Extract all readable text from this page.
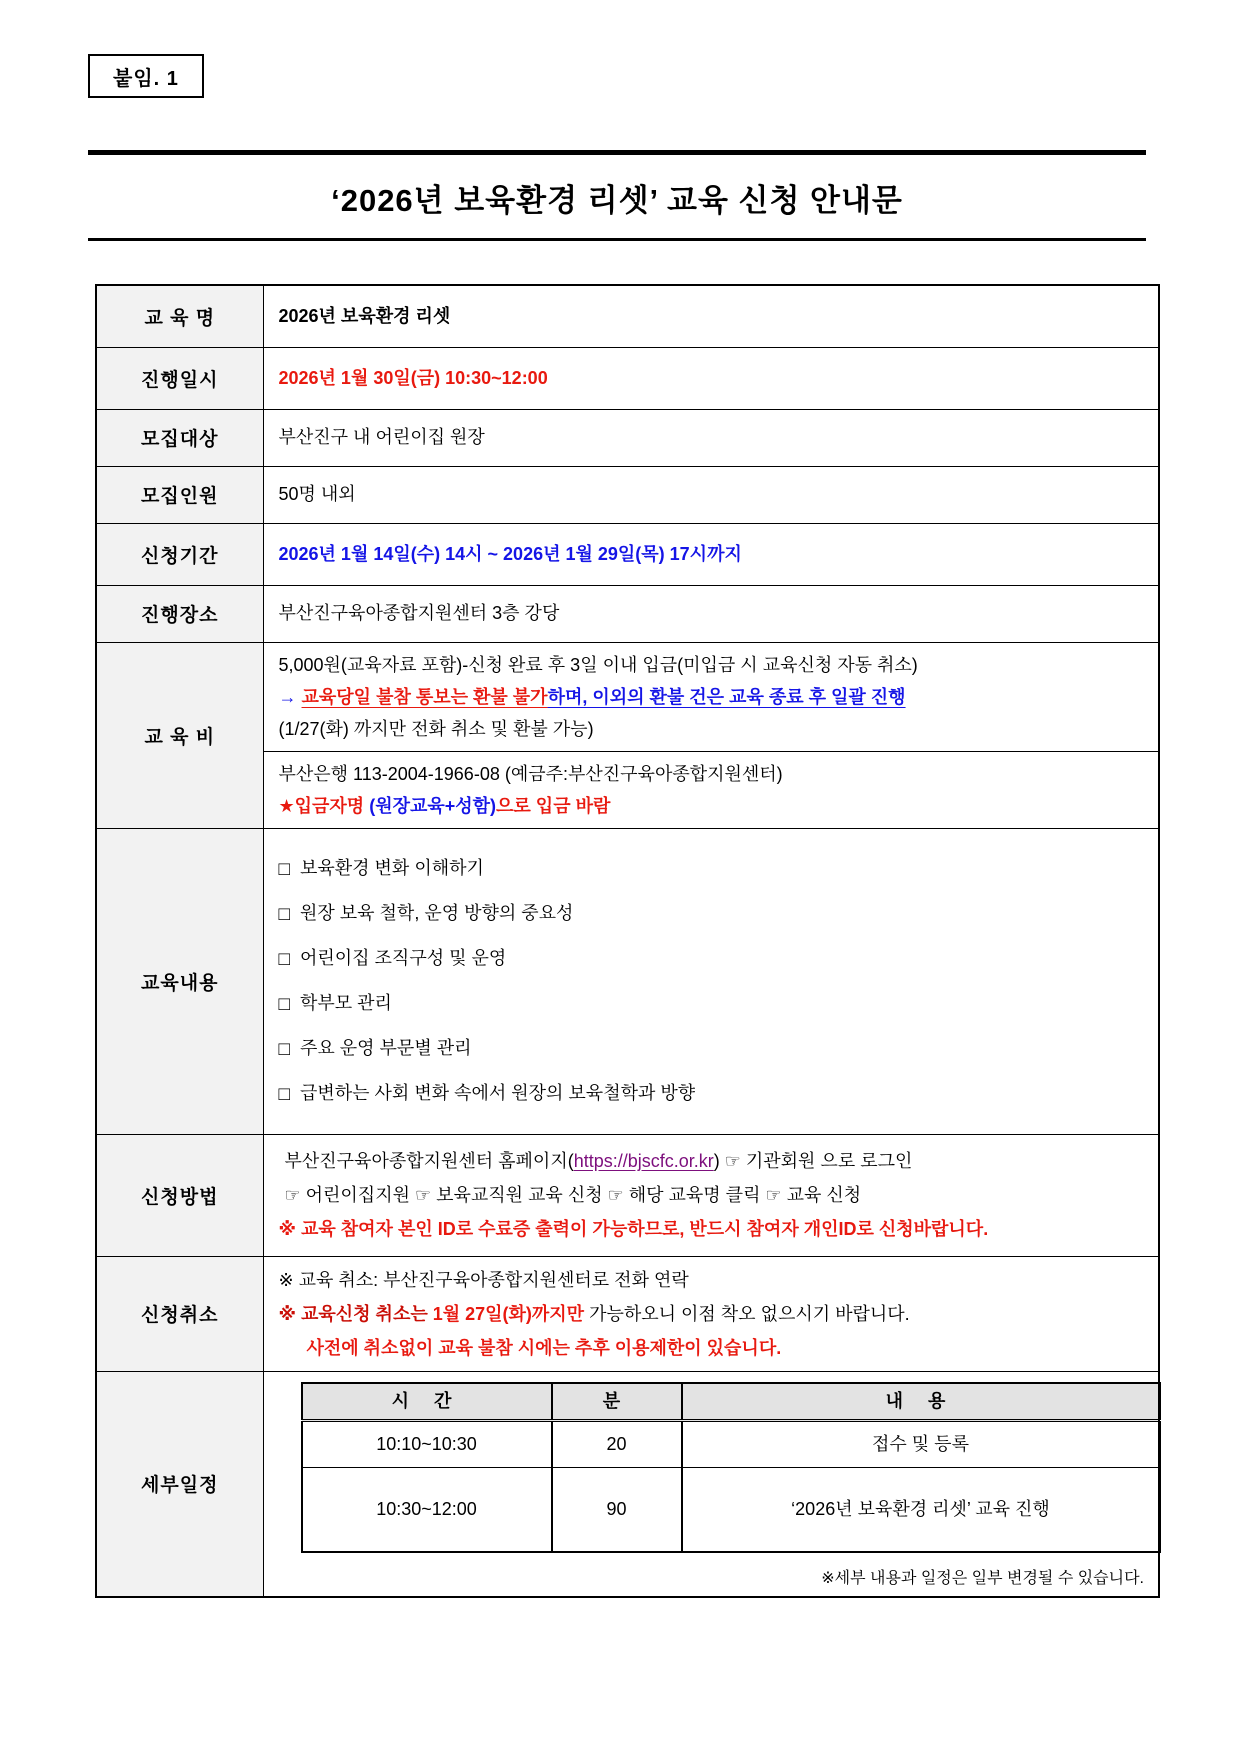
붙임. 1
‘2026년 보육환경 리셋’ 교육 신청 안내문
교 육 명	2026년 보육환경 리셋
진행일시	2026년 1월 30일(금) 10:30~12:00
모집대상	부산진구 내 어린이집 원장
모집인원	50명 내외
신청기간	2026년 1월 14일(수) 14시 ~ 2026년 1월 29일(목) 17시까지
진행장소	부산진구육아종합지원센터 3층 강당
교 육 비	
5,000원(교육자료 포함)-신청 완료 후 3일 이내 입금(미입금 시 교육신청 자동 취소)
→ 교육당일 불참 통보는 환불 불가하며, 이외의 환불 건은 교육 종료 후 일괄 진행
(1/27(화) 까지만 전화 취소 및 환불 가능)

부산은행 113-2004-1966-08 (예금주:부산진구육아종합지원센터)
★입금자명 (원장교육+성함)으로 입금 바람

교육내용	
□ 보육환경 변화 이해하기
□ 원장 보육 철학, 운영 방향의 중요성
□ 어린이집 조직구성 및 운영
□ 학부모 관리
□ 주요 운영 부문별 관리
□ 급변하는 사회 변화 속에서 원장의 보육철학과 방향

신청방법	
부산진구육아종합지원센터 홈페이지(https://bjscfc.or.kr) ☞ 기관회원 으로 로그인
☞ 어린이집지원 ☞ 보육교직원 교육 신청 ☞ 해당 교육명 클릭 ☞ 교육 신청
※ 교육 참여자 본인 ID로 수료증 출력이 가능하므로, 반드시 참여자 개인ID로 신청바랍니다.

신청취소	
※ 교육 취소: 부산진구육아종합지원센터로 전화 연락
※ 교육신청 취소는 1월 27일(화)까지만 가능하오니 이점 착오 없으시기 바랍니다.
사전에 취소없이 교육 불참 시에는 추후 이용제한이 있습니다.

세부일정	
시 간	분	내 용
10:10~10:30	20	접수 및 등록
10:30~12:00	90	‘2026년 보육환경 리셋’ 교육 진행
※세부 내용과 일정은 일부 변경될 수 있습니다.
